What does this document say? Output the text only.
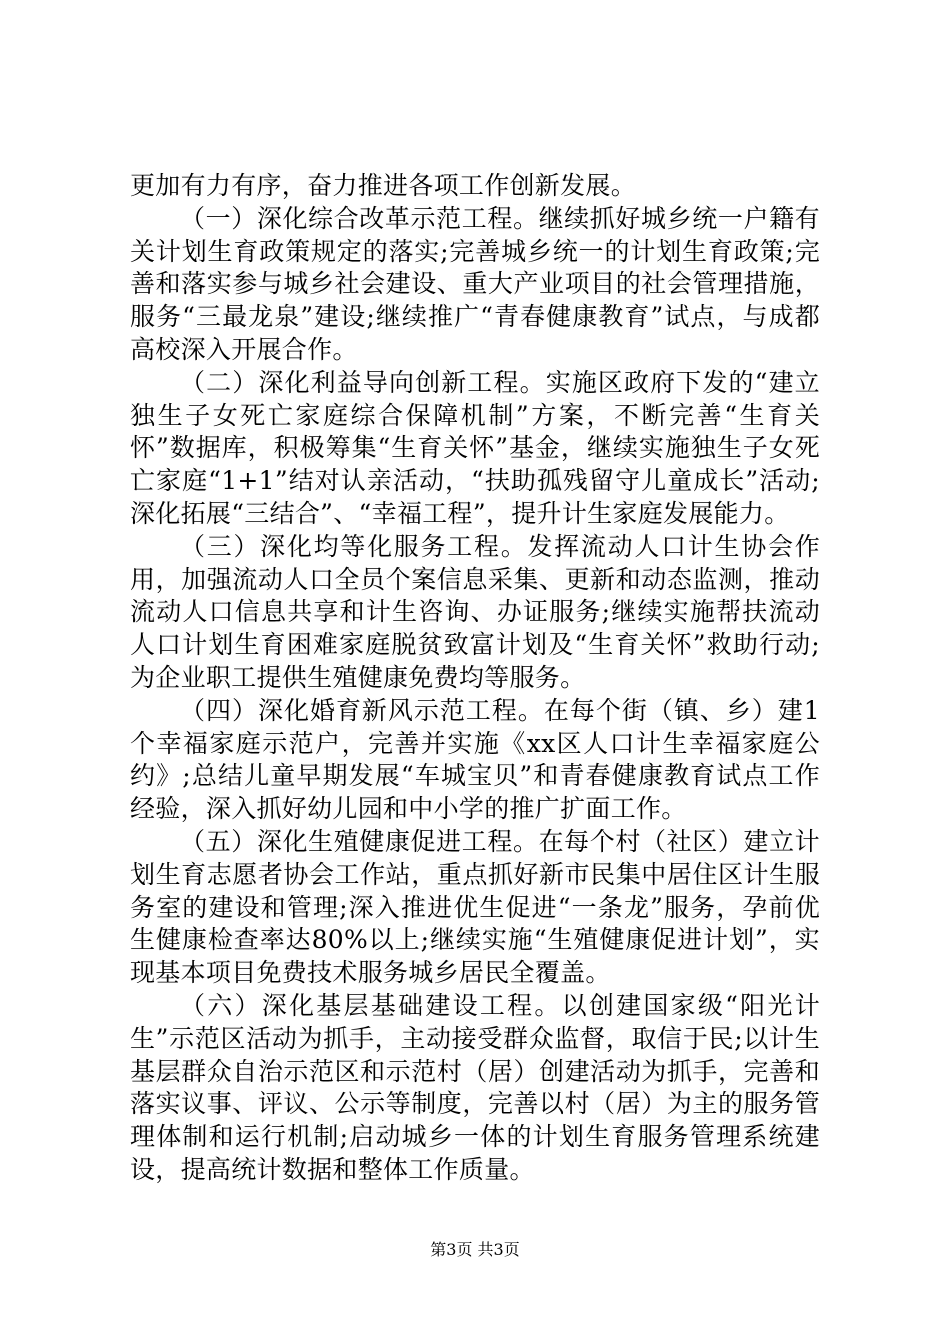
更加有力有序，奋力推进各项工作创新发展。

（一）深化综合改革示范工程。继续抓好城乡统一户籍有关计划生育政策规定的落实;完善城乡统一的计划生育政策;完善和落实参与城乡社会建设、重大产业项目的社会管理措施，服务“三最龙泉”建设;继续推广“青春健康教育”试点，与成都高校深入开展合作。

（二）深化利益导向创新工程。实施区政府下发的“建立独生子女死亡家庭综合保障机制”方案，不断完善“生育关怀”数据库，积极筹集“生育关怀”基金，继续实施独生子女死亡家庭“1+1”结对认亲活动，“扶助孤残留守儿童成长”活动;深化拓展“三结合”、“幸福工程”，提升计生家庭发展能力。

（三）深化均等化服务工程。发挥流动人口计生协会作用，加强流动人口全员个案信息采集、更新和动态监测，推动流动人口信息共享和计生咨询、办证服务;继续实施帮扶流动人口计划生育困难家庭脱贫致富计划及“生育关怀”救助行动;为企业职工提供生殖健康免费均等服务。

（四）深化婚育新风示范工程。在每个街（镇、乡）建1个幸福家庭示范户，完善并实施《xx区人口计生幸福家庭公约》;总结儿童早期发展“车城宝贝”和青春健康教育试点工作经验，深入抓好幼儿园和中小学的推广扩面工作。

（五）深化生殖健康促进工程。在每个村（社区）建立计划生育志愿者协会工作站，重点抓好新市民集中居住区计生服务室的建设和管理;深入推进优生促进“一条龙”服务，孕前优生健康检查率达80%以上;继续实施“生殖健康促进计划”，实现基本项目免费技术服务城乡居民全覆盖。

（六）深化基层基础建设工程。以创建国家级“阳光计生”示范区活动为抓手，主动接受群众监督，取信于民;以计生基层群众自治示范区和示范村（居）创建活动为抓手，完善和落实议事、评议、公示等制度，完善以村（居）为主的服务管理体制和运行机制;启动城乡一体的计划生育服务管理系统建设，提高统计数据和整体工作质量。

第3页 共3页
